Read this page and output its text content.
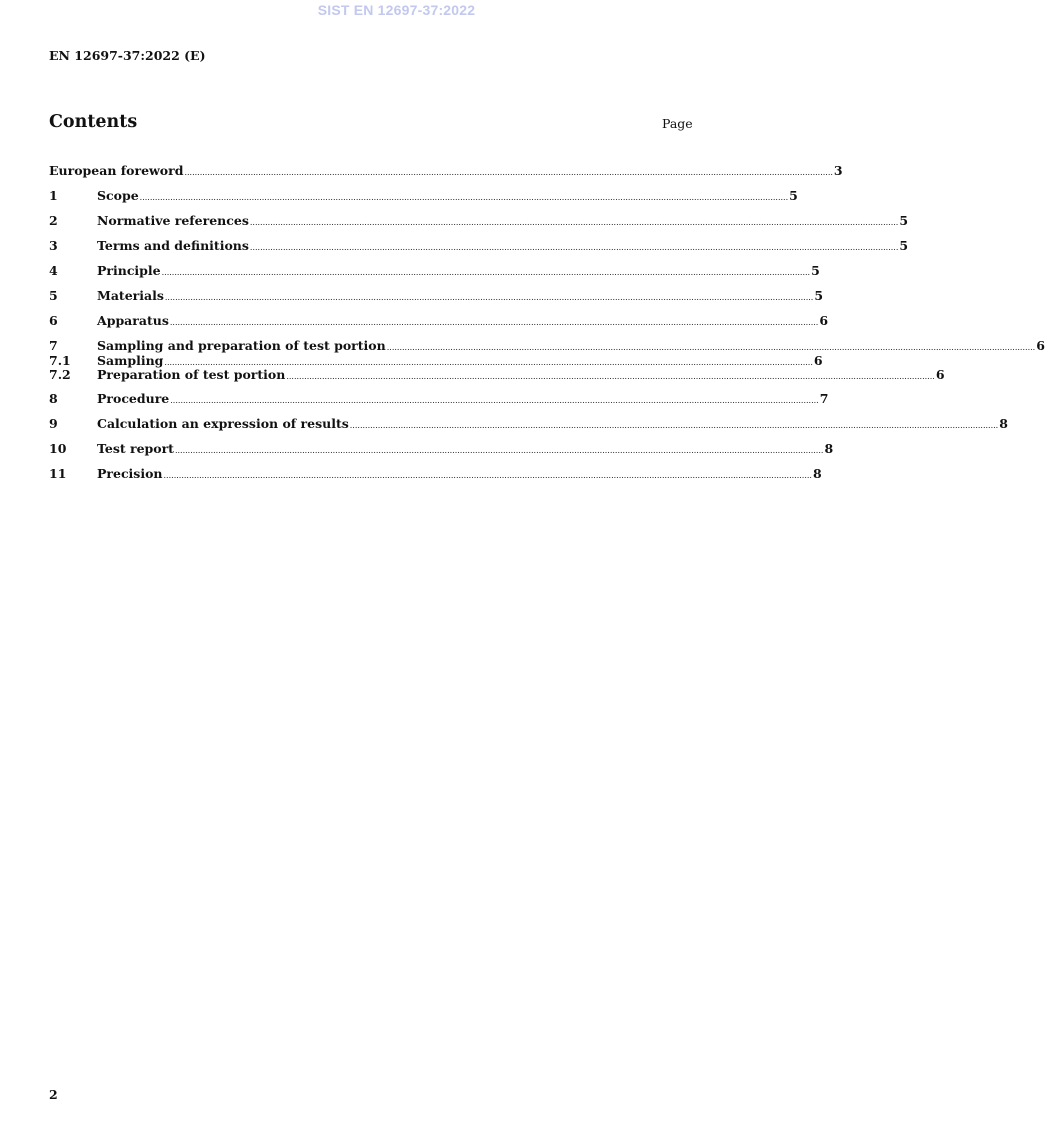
SIST EN 12697-37:2022
EN 12697-37:2022 (E)
Contents	Page
European foreword ............................................................................................................................................................................................................................................................... 3
1	Scope ............................................................................................................................................................................................................................................................... 5
2	Normative references ............................................................................................................................................................................................................................................................... 5
3	Terms and definitions ............................................................................................................................................................................................................................................................... 5
4	Principle ............................................................................................................................................................................................................................................................... 5
5	Materials ............................................................................................................................................................................................................................................................... 5
6	Apparatus ............................................................................................................................................................................................................................................................... 6
7	Sampling and preparation of test portion ............................................................................................................................................................................................................................................................... 6
7.1	Sampling ............................................................................................................................................................................................................................................................... 6
7.2	Preparation of test portion ............................................................................................................................................................................................................................................................... 6
8	Procedure ............................................................................................................................................................................................................................................................... 7
9	Calculation an expression of results ............................................................................................................................................................................................................................................................... 8
10	Test report ............................................................................................................................................................................................................................................................... 8
11	Precision ............................................................................................................................................................................................................................................................... 8
2
